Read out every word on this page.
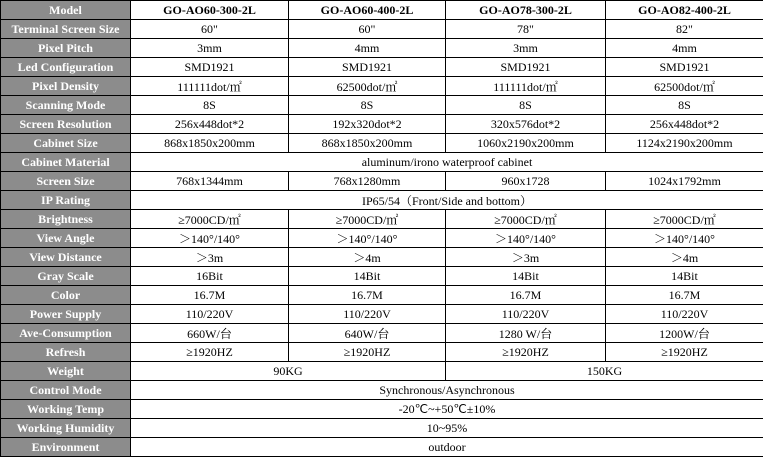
Model	GO-AO60-300-2L	GO-AO60-400-2L	GO-AO78-300-2L	GO-AO82-400-2L
Terminal Screen Size	60"	60"	78"	82"
Pixel Pitch	3mm	4mm	3mm	4mm
Led Configuration	SMD1921	SMD1921	SMD1921	SMD1921
Pixel Density	111111dot/㎡	62500dot/㎡	111111dot/㎡	62500dot/㎡
Scanning Mode	8S	8S	8S	8S
Screen Resolution	256x448dot*2	192x320dot*2	320x576dot*2	256x448dot*2
Cabinet Size	868x1850x200mm	868x1850x200mm	1060x2190x200mm	1124x2190x200mm
Cabinet Material	aluminum/irono waterproof cabinet			
Screen Size	768x1344mm	768x1280mm	960x1728	1024x1792mm
IP Rating	IP65/54（Front/Side and bottom）			
Brightness	≥7000CD/㎡	≥7000CD/㎡	≥7000CD/㎡	≥7000CD/㎡
View Angle	＞140°/140°	＞140°/140°	＞140°/140°	＞140°/140°
View Distance	＞3m	＞4m	＞3m	＞4m
Gray Scale	16Bit	14Bit	14Bit	14Bit
Color	16.7M	16.7M	16.7M	16.7M
Power Supply	110/220V	110/220V	110/220V	110/220V
Ave-Consumption	660W/台	640W/台	1280 W/台	1200W/台
Refresh	≥1920HZ	≥1920HZ	≥1920HZ	≥1920HZ
Weight	90KG		150KG	
Control Mode	Synchronous/Asynchronous			
Working Temp	-20℃~+50℃±10%			
Working Humidity	10~95%			
Environment	outdoor			
